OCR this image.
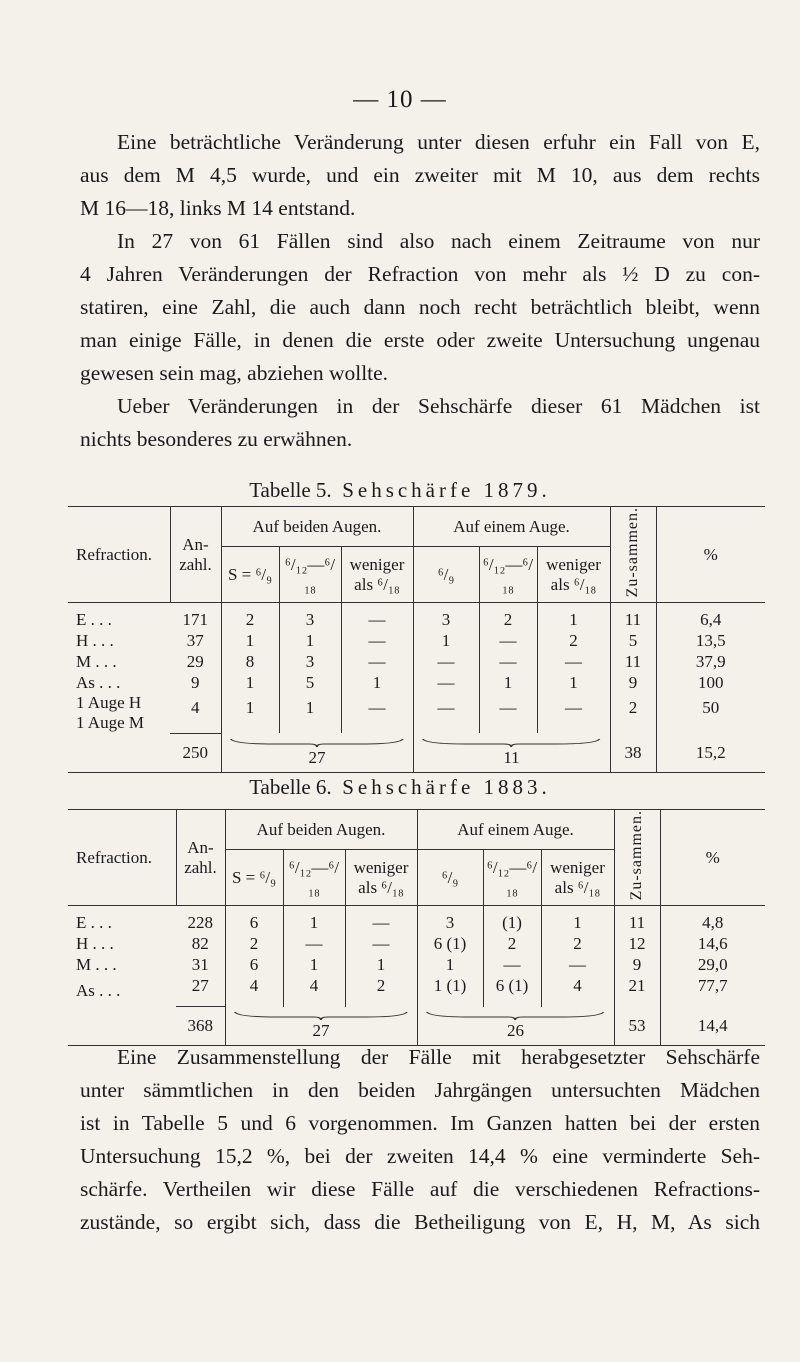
— 10 —
Eine beträchtliche Veränderung unter diesen erfuhr ein Fall von E,
aus dem M 4,5 wurde, und ein zweiter mit M 10, aus dem rechts
M 16—18, links M 14 entstand.
In 27 von 61 Fällen sind also nach einem Zeitraume von nur
4 Jahren Veränderungen der Refraction von mehr als ½ D zu con-
statiren, eine Zahl, die auch dann noch recht beträchtlich bleibt, wenn
man einige Fälle, in denen die erste oder zweite Untersuchung ungenau
gewesen sein mag, abziehen wollte.
Ueber Veränderungen in der Sehschärfe dieser 61 Mädchen ist
nichts besonderes zu erwähnen.
Tabelle 5. Sehschärfe 1879.
Refraction.	An-
zahl.	Auf beiden Augen.			Auf einem Auge.			Zu-sammen.	%
		S = ⁶/₉	⁶/₁₂—⁶/₁₈	weniger
als ⁶/₁₈	⁶/₉	⁶/₁₂—⁶/₁₈	weniger
als ⁶/₁₈		
E . . .	171	2	3	—	3	2	1	11	6,4
H . . .	37	1	1	—	1	—	2	5	13,5
M . . .	29	8	3	—	—	—	—	11	37,9
As . . .	9	1	5	1	—	1	1	9	100
1 Auge H
1 Auge M	4	1	1	—	—	—	—	2	50
	250	27			11			38	15,2
Tabelle 6. Sehschärfe 1883.
Refraction.	An-
zahl.	Auf beiden Augen.			Auf einem Auge.			Zu-sammen.	%
		S = ⁶/₉	⁶/₁₂—⁶/₁₈	weniger
als ⁶/₁₈	⁶/₉	⁶/₁₂—⁶/₁₈	weniger
als ⁶/₁₈		
E . . .	228	6	1	—	3	(1)	1	11	4,8
H . . .	82	2	—	—	6 (1)	2	2	12	14,6
M . . .	31	6	1	1	1	—	—	9	29,0
As . . .	27	4	4	2	1 (1)	6 (1)	4	21	77,7
	368	27			26			53	14,4
Eine Zusammenstellung der Fälle mit herabgesetzter Sehschärfe
unter sämmtlichen in den beiden Jahrgängen untersuchten Mädchen
ist in Tabelle 5 und 6 vorgenommen. Im Ganzen hatten bei der ersten
Untersuchung 15,2 %, bei der zweiten 14,4 % eine verminderte Seh-
schärfe. Vertheilen wir diese Fälle auf die verschiedenen Refractions-
zustände, so ergibt sich, dass die Betheiligung von E, H, M, As sich
